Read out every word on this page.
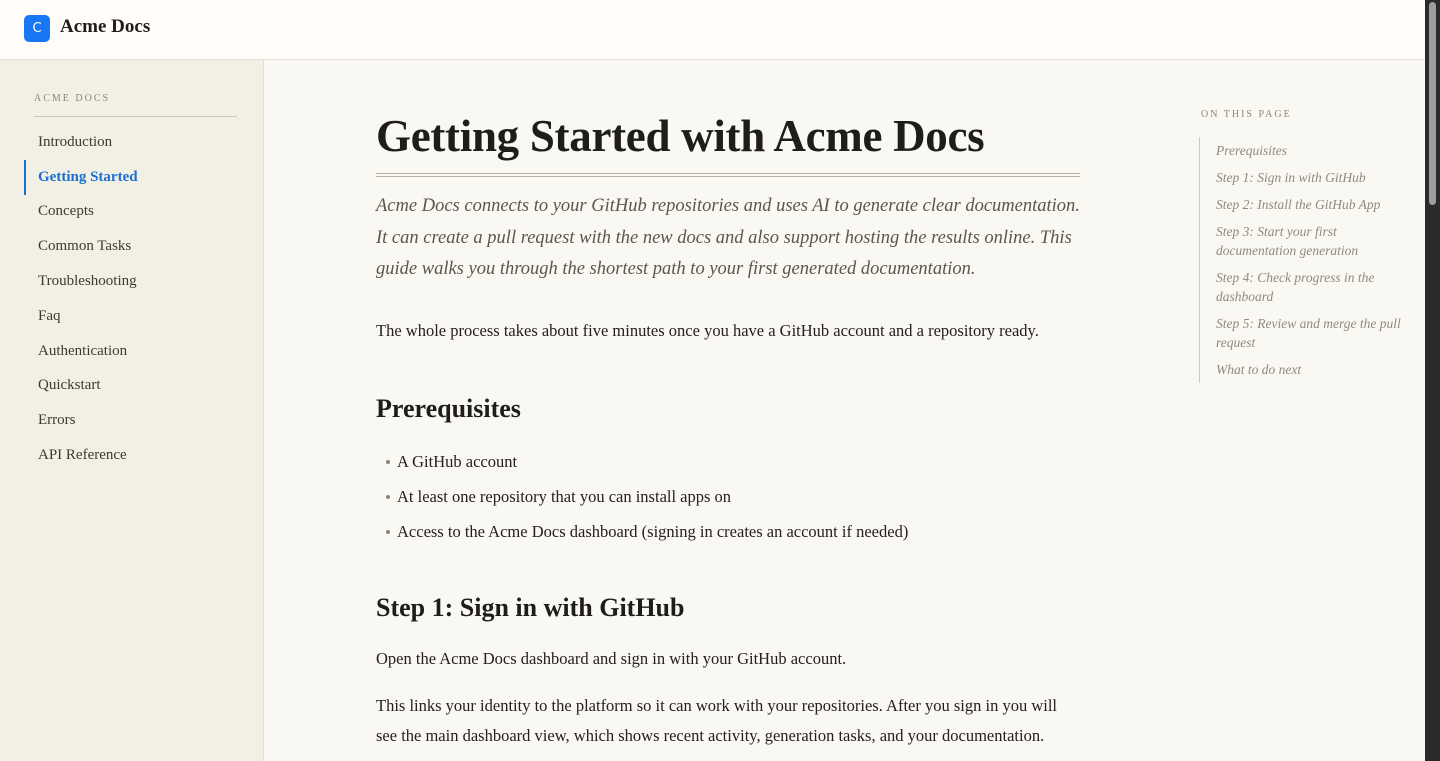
C Acme Docs
ACME DOCS
Introduction
Getting Started
Concepts
Common Tasks
Troubleshooting
Faq
Authentication
Quickstart
Errors
API Reference
Getting Started with Acme Docs

Acme Docs connects to your GitHub repositories and uses AI to generate clear documentation. It can create a pull request with the new docs and also support hosting the results online. This guide walks you through the shortest path to your first generated documentation.

The whole process takes about five minutes once you have a GitHub account and a repository ready.

Prerequisites
A GitHub account
At least one repository that you can install apps on
Access to the Acme Docs dashboard (signing in creates an account if needed)
Step 1: Sign in with GitHub

Open the Acme Docs dashboard and sign in with your GitHub account.

This links your identity to the platform so it can work with your repositories. After you sign in you will see the main dashboard view, which shows recent activity, generation tasks, and your documentation.

ON THIS PAGE
Prerequisites
Step 1: Sign in with GitHub
Step 2: Install the GitHub App
Step 3: Start your first documentation generation
Step 4: Check progress in the dashboard
Step 5: Review and merge the pull request
What to do next
